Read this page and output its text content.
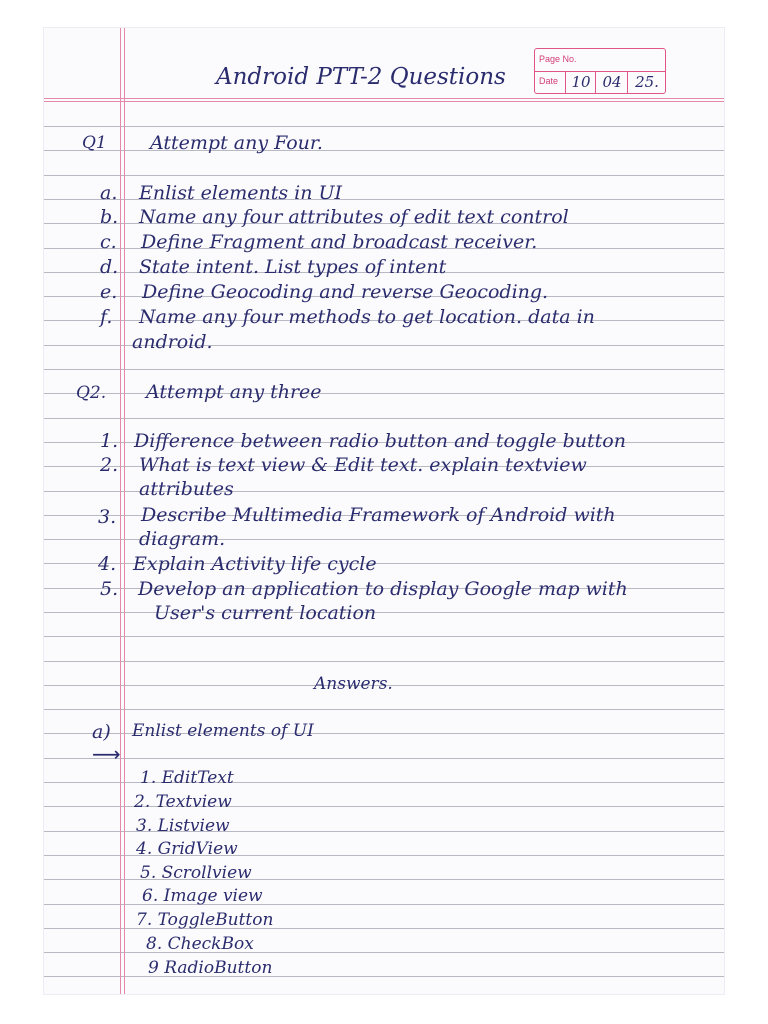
Android PTT-2 Questions
Page No.
Date 10 04 25.
Q1 Attempt any Four.
a. Enlist elements in UI
b. Name any four attributes of edit text control
c. Define Fragment and broadcast receiver.
d. State intent. List types of intent
e. Define Geocoding and reverse Geocoding.
f. Name any four methods to get location. data in
android.
Q2. Attempt any three
1. Difference between radio button and toggle button
2. What is text view & Edit text. explain textview
attributes
3. Describe Multimedia Framework of Android with
diagram.
4. Explain Activity life cycle
5. Develop an application to display Google map with
User's current location
Answers.
a) Enlist elements of UI
⟶
1. EditText
2. Textview
3. Listview
4. GridView
5. Scrollview
6. Image view
7. ToggleButton
8. CheckBox
9 RadioButton
